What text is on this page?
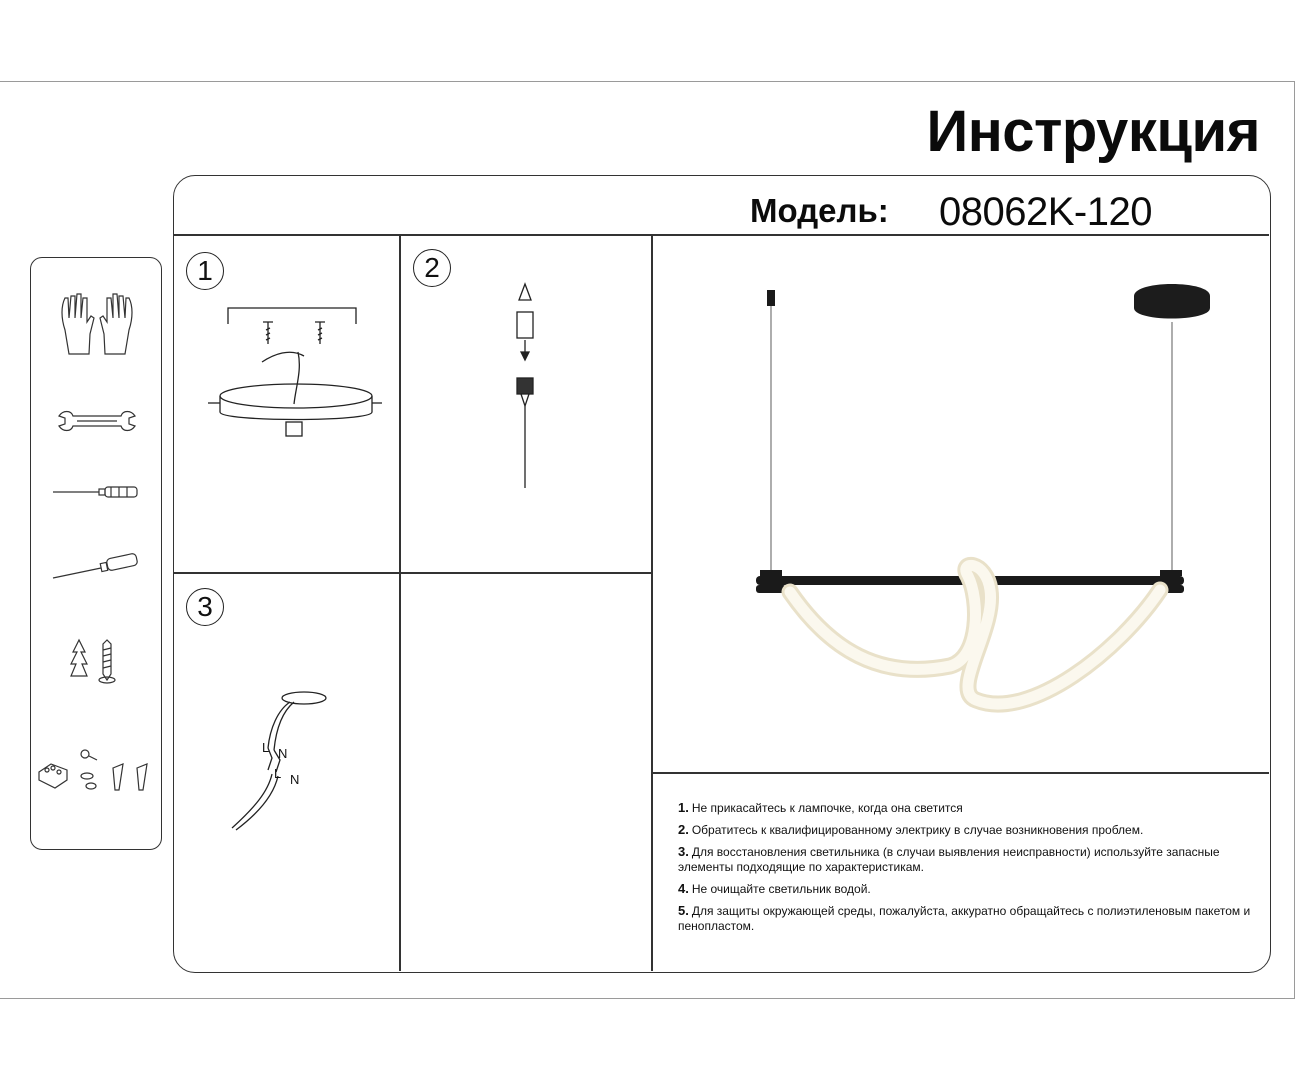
Инструкция
Модель: 08062K-120
1	2
3
L N
L N
1. Не прикасайтесь к лампочке, когда она светится
2. Обратитесь к квалифицированному электрику в случае возникновения проблем.
3. Для восстановления светильника (в случаи выявления неисправности) используйте запасные элементы подходящие по характеристикам.
4. Не очищайте светильник водой.
5. Для защиты окружающей среды, пожалуйста, аккуратно обращайтесь с полиэтиленовым пакетом и пенопластом.
